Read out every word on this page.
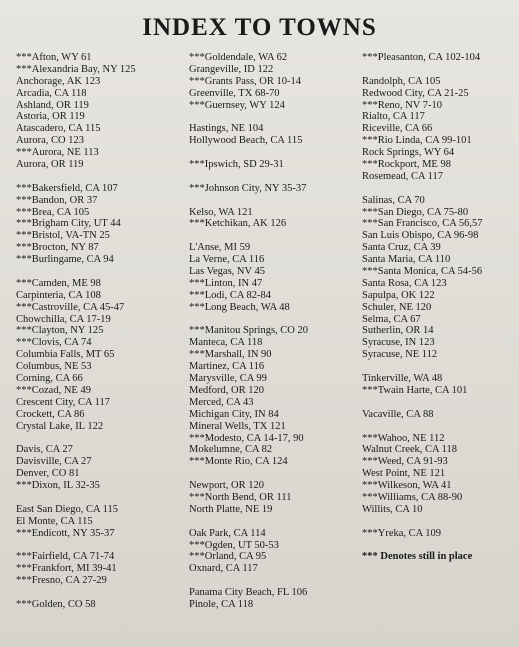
INDEX TO TOWNS
***Afton, WY 61
***Alexandria Bay, NY 125
Anchorage, AK 123
Arcadia, CA 118
Ashland, OR 119
Astoria, OR 119
Atascadero, CA 115
Aurora, CO 123
***Aurora, NE 113
Aurora, OR 119
***Bakersfield, CA 107
***Bandon, OR 37
***Brea, CA 105
***Brigham City, UT 44
***Bristol, VA-TN 25
***Brocton, NY 87
***Burlingame, CA 94
***Camden, ME 98
Carpinteria, CA 108
***Castroville, CA 45-47
Chowchilla, CA 17-19
***Clayton, NY 125
***Clovis, CA 74
Columbia Falls, MT 65
Columbus, NE 53
Corning, CA 66
***Cozad, NE 49
Crescent City, CA 117
Crockett, CA 86
Crystal Lake, IL 122
Davis, CA 27
Davisville, CA 27
Denver, CO 81
***Dixon, IL 32-35
East San Diego, CA 115
El Monte, CA 115
***Endicott, NY 35-37
***Fairfield, CA 71-74
***Frankfort, MI 39-41
***Fresno, CA 27-29
***Golden, CO 58
***Goldendale, WA 62
Grangeville, ID 122
***Grants Pass, OR 10-14
Greenville, TX 68-70
***Guernsey, WY 124
Hastings, NE 104
Hollywood Beach, CA 115
***Ipswich, SD 29-31
***Johnson City, NY 35-37
Kelso, WA 121
***Ketchikan, AK 126
L'Anse, MI 59
La Verne, CA 116
Las Vegas, NV 45
***Linton, IN 47
***Lodi, CA 82-84
***Long Beach, WA 48
***Manitou Springs, CO 20
Manteca, CA 118
***Marshall, IN 90
Martinez, CA 116
Marysville, CA 99
Medford, OR 120
Merced, CA 43
Michigan City, IN 84
Mineral Wells, TX 121
***Modesto, CA 14-17, 90
Mokelumne, CA 82
***Monte Rio, CA 124
Newport, OR 120
***North Bend, OR 111
North Platte, NE 19
Oak Park, CA 114
***Ogden, UT 50-53
***Orland, CA 95
Oxnard, CA 117
Panama City Beach, FL 106
Pinole, CA 118
***Pleasanton, CA 102-104
Randolph, CA 105
Redwood City, CA 21-25
***Reno, NV 7-10
Rialto, CA 117
Riceville, CA 66
***Rio Linda, CA 99-101
Rock Springs, WY 64
***Rockport, ME 98
Rosemead, CA 117
Salinas, CA 70
***San Diego, CA 75-80
***San Francisco, CA 56,57
San Luis Obispo, CA 96-98
Santa Cruz, CA 39
Santa Maria, CA 110
***Santa Monica, CA 54-56
Santa Rosa, CA 123
Sapulpa, OK 122
Schuler, NE 120
Selma, CA 67
Sutherlin, OR 14
Syracuse, IN 123
Syracuse, NE 112
Tinkerville, WA 48
***Twain Harte, CA 101
Vacaville, CA 88
***Wahoo, NE 112
Walnut Creek, CA 118
***Weed, CA 91-93
West Point, NE 121
***Wilkeson, WA 41
***Williams, CA 88-90
Willits, CA 10
***Yreka, CA 109
*** Denotes still in place
